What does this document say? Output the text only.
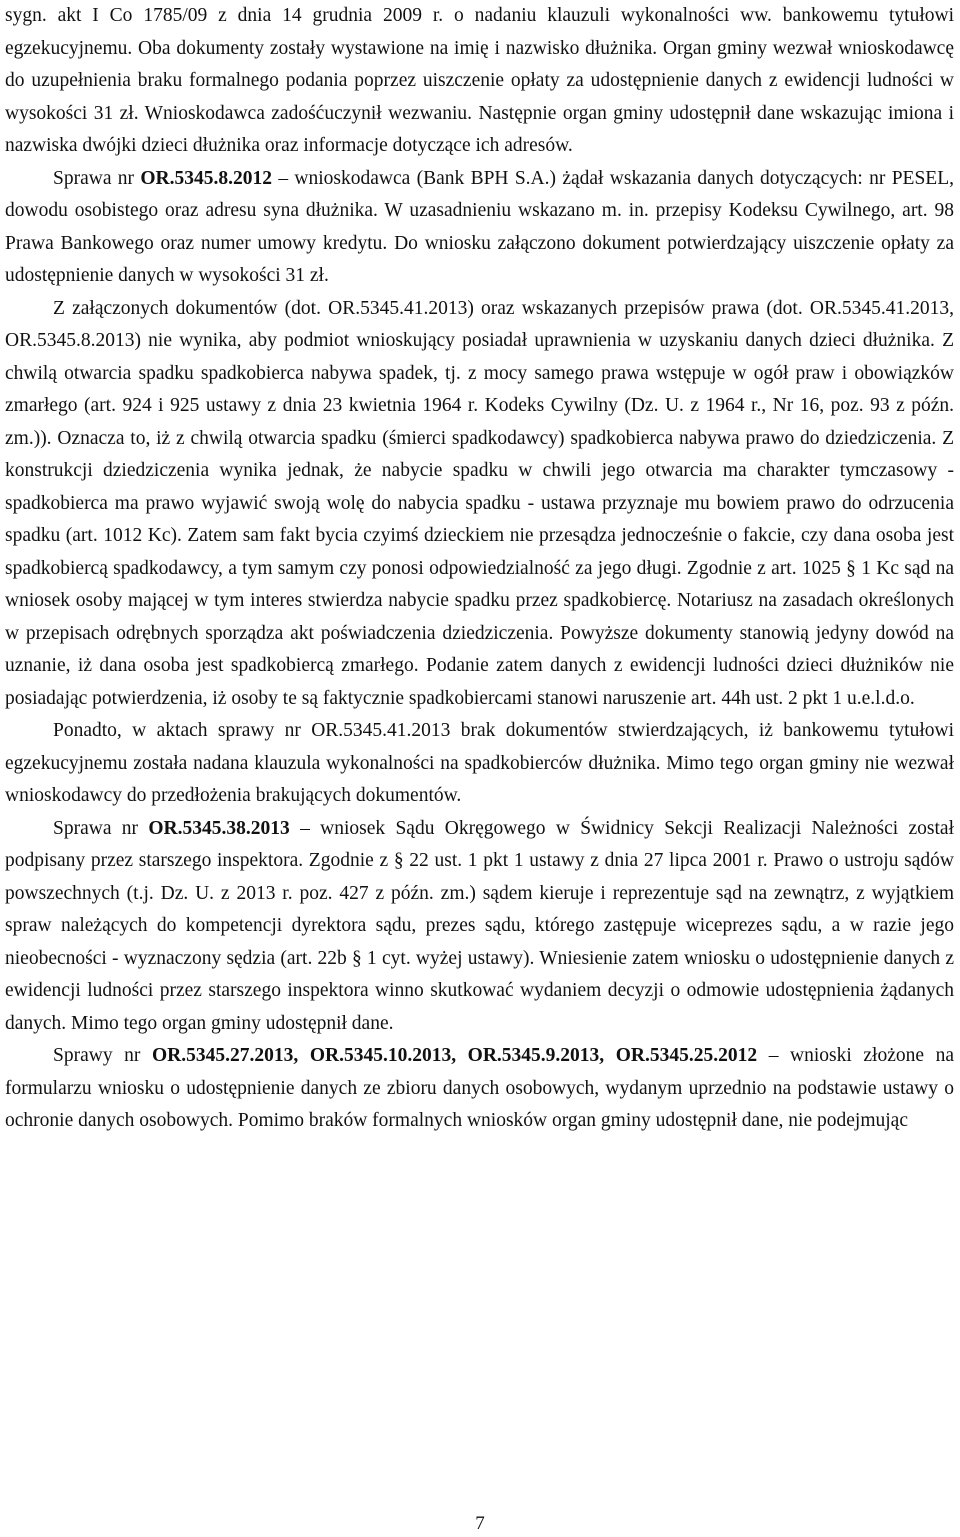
sygn. akt I Co 1785/09 z dnia 14 grudnia 2009 r. o nadaniu klauzuli wykonalności ww. bankowemu tytułowi egzekucyjnemu. Oba dokumenty zostały wystawione na imię i nazwisko dłużnika. Organ gminy wezwał wnioskodawcę do uzupełnienia braku formalnego podania poprzez uiszczenie opłaty za udostępnienie danych z ewidencji ludności w wysokości 31 zł. Wnioskodawca zadośćuczynił wezwaniu. Następnie organ gminy udostępnił dane wskazując imiona i nazwiska dwójki dzieci dłużnika oraz informacje dotyczące ich adresów.

Sprawa nr OR.5345.8.2012 – wnioskodawca (Bank BPH S.A.) żądał wskazania danych dotyczących: nr PESEL, dowodu osobistego oraz adresu syna dłużnika. W uzasadnieniu wskazano m. in. przepisy Kodeksu Cywilnego, art. 98 Prawa Bankowego oraz numer umowy kredytu. Do wniosku załączono dokument potwierdzający uiszczenie opłaty za udostępnienie danych w wysokości 31 zł.

Z załączonych dokumentów (dot. OR.5345.41.2013) oraz wskazanych przepisów prawa (dot. OR.5345.41.2013, OR.5345.8.2013) nie wynika, aby podmiot wnioskujący posiadał uprawnienia w uzyskaniu danych dzieci dłużnika. Z chwilą otwarcia spadku spadkobierca nabywa spadek, tj. z mocy samego prawa wstępuje w ogół praw i obowiązków zmarłego (art. 924 i 925 ustawy z dnia 23 kwietnia 1964 r. Kodeks Cywilny (Dz. U. z 1964 r., Nr 16, poz. 93 z późn. zm.)). Oznacza to, iż z chwilą otwarcia spadku (śmierci spadkodawcy) spadkobierca nabywa prawo do dziedziczenia. Z konstrukcji dziedziczenia wynika jednak, że nabycie spadku w chwili jego otwarcia ma charakter tymczasowy - spadkobierca ma prawo wyjawić swoją wolę do nabycia spadku - ustawa przyznaje mu bowiem prawo do odrzucenia spadku (art. 1012 Kc). Zatem sam fakt bycia czyimś dzieckiem nie przesądza jednocześnie o fakcie, czy dana osoba jest spadkobiercą spadkodawcy, a tym samym czy ponosi odpowiedzialność za jego długi. Zgodnie z art. 1025 § 1 Kc sąd na wniosek osoby mającej w tym interes stwierdza nabycie spadku przez spadkobiercę. Notariusz na zasadach określonych w przepisach odrębnych sporządza akt poświadczenia dziedziczenia. Powyższe dokumenty stanowią jedyny dowód na uznanie, iż dana osoba jest spadkobiercą zmarłego. Podanie zatem danych z ewidencji ludności dzieci dłużników nie posiadając potwierdzenia, iż osoby te są faktycznie spadkobiercami stanowi naruszenie art. 44h ust. 2 pkt 1 u.e.l.d.o.

Ponadto, w aktach sprawy nr OR.5345.41.2013 brak dokumentów stwierdzających, iż bankowemu tytułowi egzekucyjnemu została nadana klauzula wykonalności na spadkobierców dłużnika. Mimo tego organ gminy nie wezwał wnioskodawcy do przedłożenia brakujących dokumentów.

Sprawa nr OR.5345.38.2013 – wniosek Sądu Okręgowego w Świdnicy Sekcji Realizacji Należności został podpisany przez starszego inspektora. Zgodnie z § 22 ust. 1 pkt 1 ustawy z dnia 27 lipca 2001 r. Prawo o ustroju sądów powszechnych (t.j. Dz. U. z 2013 r. poz. 427 z późn. zm.) sądem kieruje i reprezentuje sąd na zewnątrz, z wyjątkiem spraw należących do kompetencji dyrektora sądu, prezes sądu, którego zastępuje wiceprezes sądu, a w razie jego nieobecności - wyznaczony sędzia (art. 22b § 1 cyt. wyżej ustawy). Wniesienie zatem wniosku o udostępnienie danych z ewidencji ludności przez starszego inspektora winno skutkować wydaniem decyzji o odmowie udostępnienia żądanych danych. Mimo tego organ gminy udostępnił dane.

Sprawy nr OR.5345.27.2013, OR.5345.10.2013, OR.5345.9.2013, OR.5345.25.2012 – wnioski złożone na formularzu wniosku o udostępnienie danych ze zbioru danych osobowych, wydanym uprzednio na podstawie ustawy o ochronie danych osobowych. Pomimo braków formalnych wniosków organ gminy udostępnił dane, nie podejmując

7
